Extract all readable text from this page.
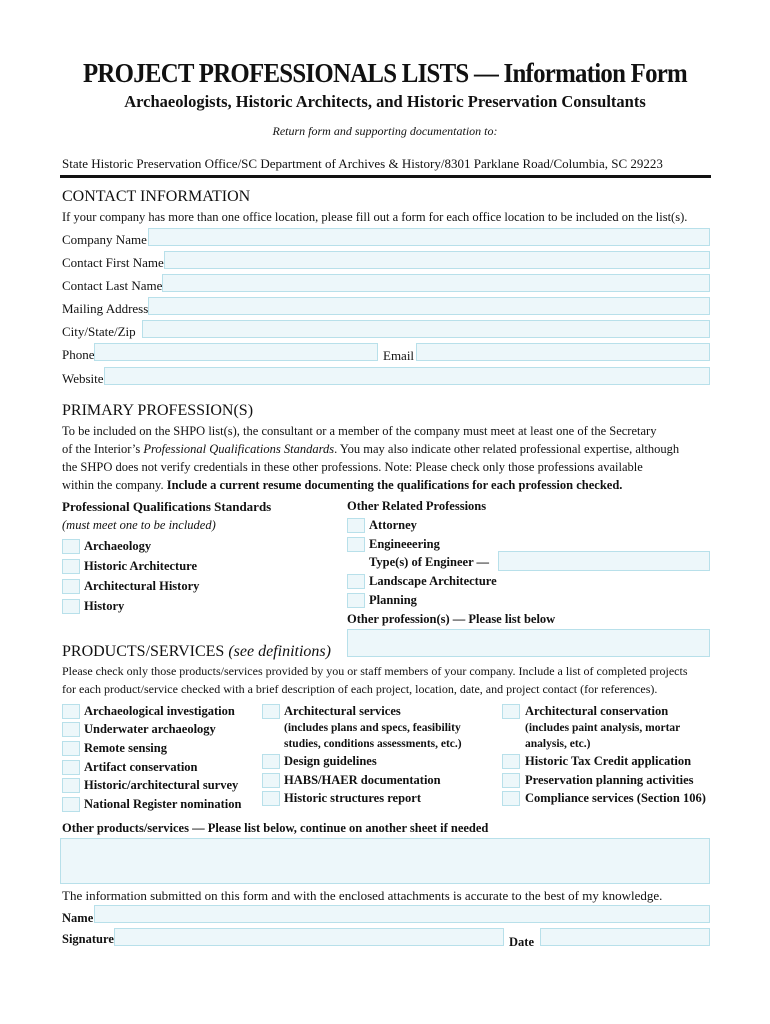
PROJECT PROFESSIONALS LISTS — Information Form
Archaeologists, Historic Architects, and Historic Preservation Consultants
Return form and supporting documentation to:
State Historic Preservation Office/SC Department of Archives & History/8301 Parklane Road/Columbia, SC 29223
CONTACT INFORMATION
If your company has more than one office location, please fill out a form for each office location to be included on the list(s).
Company Name
Contact First Name
Contact Last Name
Mailing Address
City/State/Zip
Phone	Email
Website
PRIMARY PROFESSION(S)
To be included on the SHPO list(s), the consultant or a member of the company must meet at least one of the Secretary
of the Interior’s Professional Qualifications Standards. You may also indicate other related professional expertise, although
the SHPO does not verify credentials in these other professions. Note: Please check only those professions available
within the company. Include a current resume documenting the qualifications for each profession checked.
Professional Qualifications Standards
(must meet one to be included)
Archaeology
Historic Architecture
Architectural History
History
Other Related Professions
Attorney
Engineeering
Type(s) of Engineer —
Landscape Architecture
Planning
Other profession(s) — Please list below
PRODUCTS/SERVICES (see definitions)
Please check only those products/services provided by you or staff members of your company. Include a list of completed projects
for each product/service checked with a brief description of each project, location, date, and project contact (for references).
Archaeological investigation
Underwater archaeology
Remote sensing
Artifact conservation
Historic/architectural survey
National Register nomination
Architectural services
(includes plans and specs, feasibility
studies, conditions assessments, etc.)
Design guidelines
HABS/HAER documentation
Historic structures report
Architectural conservation
(includes paint analysis, mortar
analysis, etc.)
Historic Tax Credit application
Preservation planning activities
Compliance services (Section 106)
Other products/services — Please list below, continue on another sheet if needed
The information submitted on this form and with the enclosed attachments is accurate to the best of my knowledge.
Name
Signature	Date
